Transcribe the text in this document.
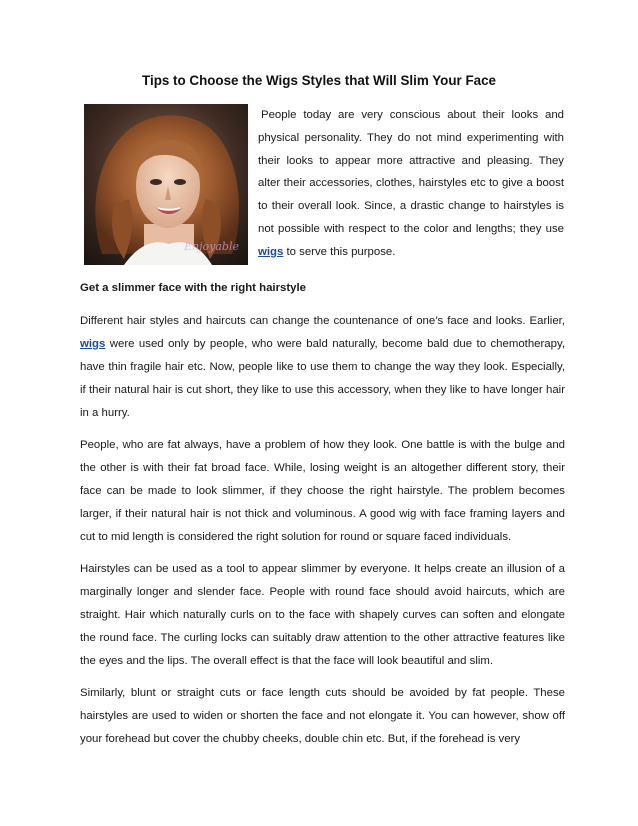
Tips to Choose the Wigs Styles that Will Slim Your Face
Enjoyable
People today are very conscious about their looks and physical personality. They do not mind experimenting with their looks to appear more attractive and pleasing. They alter their accessories, clothes, hairstyles etc to give a boost to their overall look. Since, a drastic change to hairstyles is not possible with respect to the color and lengths; they use wigs to serve this purpose.

Get a slimmer face with the right hairstyle

Different hair styles and haircuts can change the countenance of one’s face and looks. Earlier, wigs were used only by people, who were bald naturally, become bald due to chemotherapy, have thin fragile hair etc. Now, people like to use them to change the way they look. Especially, if their natural hair is cut short, they like to use this accessory, when they like to have longer hair in a hurry.

People, who are fat always, have a problem of how they look. One battle is with the bulge and the other is with their fat broad face. While, losing weight is an altogether different story, their face can be made to look slimmer, if they choose the right hairstyle. The problem becomes larger, if their natural hair is not thick and voluminous. A good wig with face framing layers and cut to mid length is considered the right solution for round or square faced individuals.

Hairstyles can be used as a tool to appear slimmer by everyone. It helps create an illusion of a marginally longer and slender face. People with round face should avoid haircuts, which are straight. Hair which naturally curls on to the face with shapely curves can soften and elongate the round face. The curling locks can suitably draw attention to the other attractive features like the eyes and the lips. The overall effect is that the face will look beautiful and slim.

Similarly, blunt or straight cuts or face length cuts should be avoided by fat people. These hairstyles are used to widen or shorten the face and not elongate it. You can however, show off your forehead but cover the chubby cheeks, double chin etc. But, if the forehead is very
